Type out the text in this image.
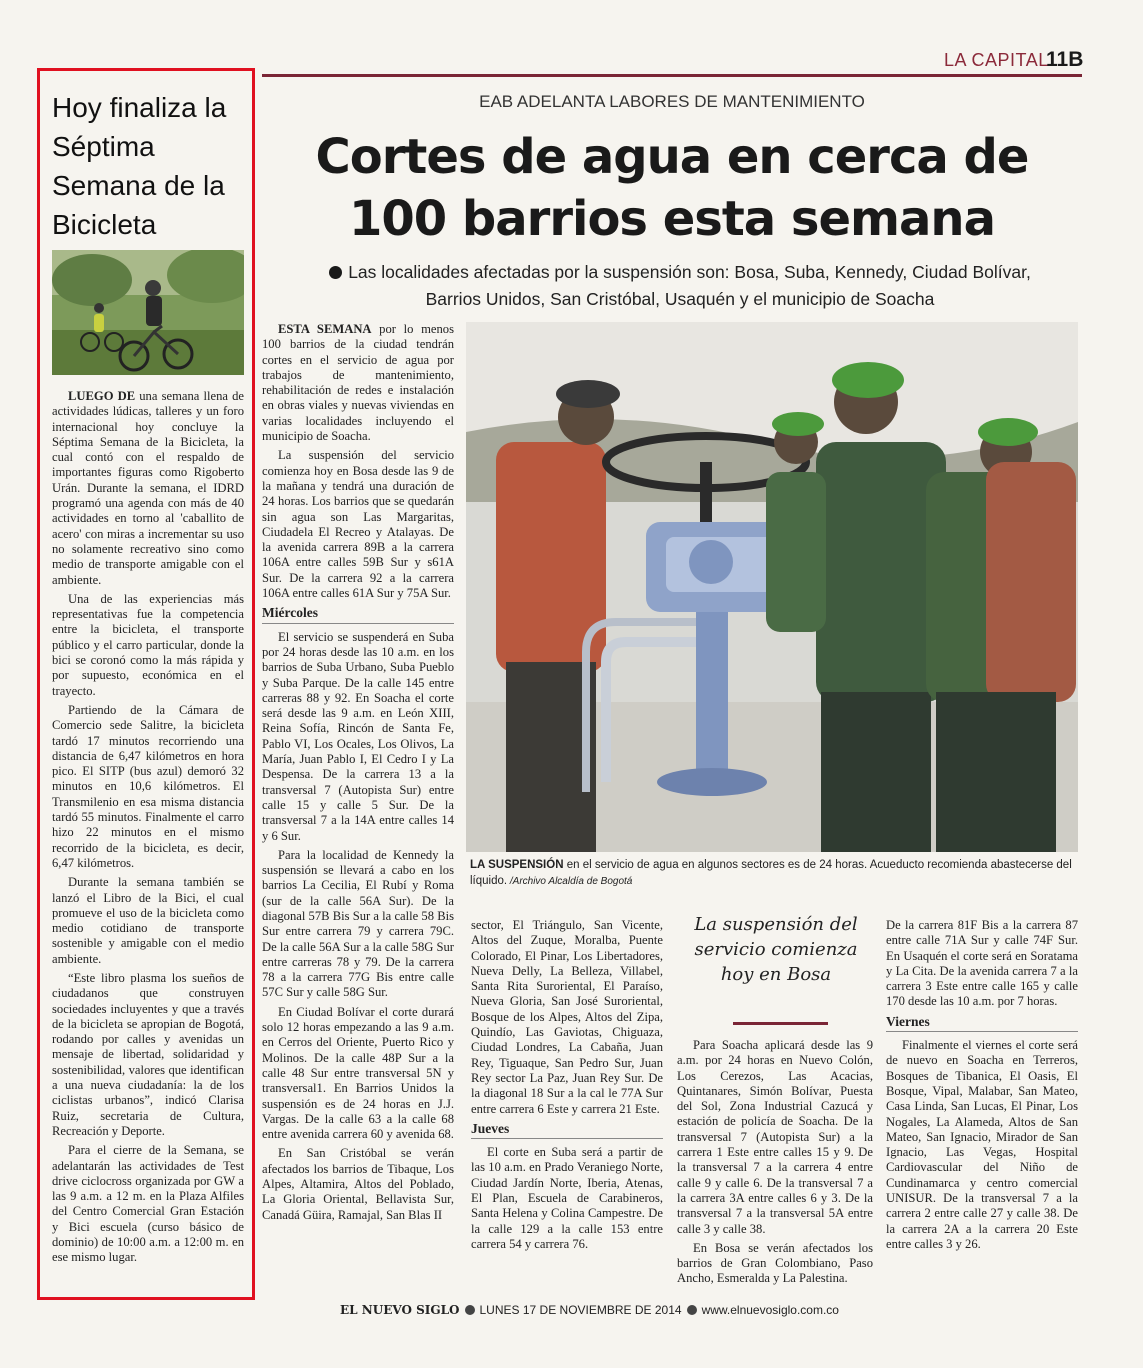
LA CAPITAL
11B
Hoy finaliza la Séptima Semana de la Bicicleta

LUEGO DE una semana llena de actividades lúdicas, talleres y un foro internacional hoy concluye la Séptima Semana de la Bicicleta, la cual contó con el respaldo de importantes figuras como Rigoberto Urán. Durante la semana, el IDRD programó una agenda con más de 40 actividades en torno al 'caballito de acero' con miras a incrementar su uso no solamente recreativo sino como medio de transporte amigable con el ambiente.

Una de las experiencias más representativas fue la competencia entre la bicicleta, el transporte público y el carro particular, donde la bici se coronó como la más rápida y por supuesto, económica en el trayecto.

Partiendo de la Cámara de Comercio sede Salitre, la bicicleta tardó 17 minutos recorriendo una distancia de 6,47 kilómetros en hora pico. El SITP (bus azul) demoró 32 minutos en 10,6 kilómetros. El Transmilenio en esa misma distancia tardó 55 minutos. Finalmente el carro hizo 22 minutos en el mismo recorrido de la bicicleta, es decir, 6,47 kilómetros.

Durante la semana también se lanzó el Libro de la Bici, el cual promueve el uso de la bicicleta como medio cotidiano de transporte sostenible y amigable con el medio ambiente.

“Este libro plasma los sueños de ciudadanos que construyen sociedades incluyentes y que a través de la bicicleta se apropian de Bogotá, rodando por calles y avenidas un mensaje de libertad, solidaridad y sostenibilidad, valores que identifican a una nueva ciudadanía: la de los ciclistas urbanos”, indicó Clarisa Ruiz, secretaria de Cultura, Recreación y Deporte.

Para el cierre de la Semana, se adelantarán las actividades de Test drive ciclocross organizada por GW a las 9 a.m. a 12 m. en la Plaza Alfiles del Centro Comercial Gran Estación y Bici escuela (curso básico de dominio) de 10:00 a.m. a 12:00 m. en ese mismo lugar.

EAB ADELANTA LABORES DE MANTENIMIENTO
Cortes de agua en cerca de
100 barrios esta semana
Las localidades afectadas por la suspensión son: Bosa, Suba, Kennedy, Ciudad Bolívar,
Barrios Unidos, San Cristóbal, Usaquén y el municipio de Soacha

ESTA SEMANA por lo menos 100 barrios de la ciudad tendrán cortes en el servicio de agua por trabajos de mantenimiento, rehabilitación de redes e instalación en obras viales y nuevas viviendas en varias localidades incluyendo el municipio de Soacha.

La suspensión del servicio comienza hoy en Bosa desde las 9 de la mañana y tendrá una duración de 24 horas. Los barrios que se quedarán sin agua son Las Margaritas, Ciudadela El Recreo y Atalayas. De la avenida carrera 89B a la carrera 106A entre calles 59B Sur y s61A Sur. De la carrera 92 a la carrera 106A entre calles 61A Sur y 75A Sur.

Miércoles

El servicio se suspenderá en Suba por 24 horas desde las 10 a.m. en los barrios de Suba Urbano, Suba Pueblo y Suba Parque. De la calle 145 entre carreras 88 y 92. En Soacha el corte será desde las 9 a.m. en León XIII, Reina Sofía, Rincón de Santa Fe, Pablo VI, Los Ocales, Los Olivos, La María, Juan Pablo I, El Cedro I y La Despensa. De la carrera 13 a la transversal 7 (Autopista Sur) entre calle 15 y calle 5 Sur. De la transversal 7 a la 14A entre calles 14 y 6 Sur.

Para la localidad de Kennedy la suspensión se llevará a cabo en los barrios La Cecilia, El Rubí y Roma (sur de la calle 56A Sur). De la diagonal 57B Bis Sur a la calle 58 Bis Sur entre carrera 79 y carrera 79C. De la calle 56A Sur a la calle 58G Sur entre carreras 78 y 79. De la carrera 78 a la carrera 77G Bis entre calle 57C Sur y calle 58G Sur.

En Ciudad Bolívar el corte durará solo 12 horas empezando a las 9 a.m. en Cerros del Oriente, Puerto Rico y Molinos. De la calle 48P Sur a la calle 48 Sur entre transversal 5N y transversal1. En Barrios Unidos la suspensión es de 24 horas en J.J. Vargas. De la calle 63 a la calle 68 entre avenida carrera 60 y avenida 68.

En San Cristóbal se verán afectados los barrios de Tibaque, Los Alpes, Altamira, Altos del Poblado, La Gloria Oriental, Bellavista Sur, Canadá Güira, Ramajal, San Blas II

LA SUSPENSIÓN en el servicio de agua en algunos sectores es de 24 horas. Acueducto recomienda abastecerse del líquido. /Archivo Alcaldía de Bogotá

sector, El Triángulo, San Vicente, Altos del Zuque, Moralba, Puente Colorado, El Pinar, Los Libertadores, Nueva Delly, La Belleza, Villabel, Santa Rita Suroriental, El Paraíso, Nueva Gloria, San José Suroriental, Bosque de los Alpes, Altos del Zipa, Quindío, Las Gaviotas, Chiguaza, Ciudad Londres, La Cabaña, Juan Rey, Tiguaque, San Pedro Sur, Juan Rey sector La Paz, Juan Rey Sur. De la diagonal 18 Sur a la cal le 77A Sur entre carrera 6 Este y carrera 21 Este.

Jueves

El corte en Suba será a partir de las 10 a.m. en Prado Veraniego Norte, Ciudad Jardín Norte, Iberia, Atenas, El Plan, Escuela de Carabineros, Santa Helena y Colina Campestre. De la calle 129 a la calle 153 entre carrera 54 y carrera 76.

La suspensión del servicio comienza hoy en Bosa

Para Soacha aplicará desde las 9 a.m. por 24 horas en Nuevo Colón, Los Cerezos, Las Acacias, Quintanares, Simón Bolívar, Puesta del Sol, Zona Industrial Cazucá y estación de policía de Soacha. De la transversal 7 (Autopista Sur) a la carrera 1 Este entre calles 15 y 9. De la transversal 7 a la carrera 4 entre calle 9 y calle 6. De la transversal 7 a la carrera 3A entre calles 6 y 3. De la transversal 7 a la transversal 5A entre calle 3 y calle 38.

En Bosa se verán afectados los barrios de Gran Colombiano, Paso Ancho, Esmeralda y La Palestina.

De la carrera 81F Bis a la carrera 87 entre calle 71A Sur y calle 74F Sur. En Usaquén el corte será en Soratama y La Cita. De la avenida carrera 7 a la carrera 3 Este entre calle 165 y calle 170 desde las 10 a.m. por 7 horas.

Viernes

Finalmente el viernes el corte será de nuevo en Soacha en Terreros, Bosques de Tibanica, El Oasis, El Bosque, Vipal, Malabar, San Mateo, Casa Linda, San Lucas, El Pinar, Los Nogales, La Alameda, Altos de San Mateo, San Ignacio, Mirador de San Ignacio, Las Vegas, Hospital Cardiovascular del Niño de Cundinamarca y centro comercial UNISUR. De la transversal 7 a la carrera 2 entre calle 27 y calle 38. De la carrera 2A a la carrera 20 Este entre calles 3 y 26.

EL NUEVO SIGLO LUNES 17 DE NOVIEMBRE DE 2014 www.elnuevosiglo.com.co
